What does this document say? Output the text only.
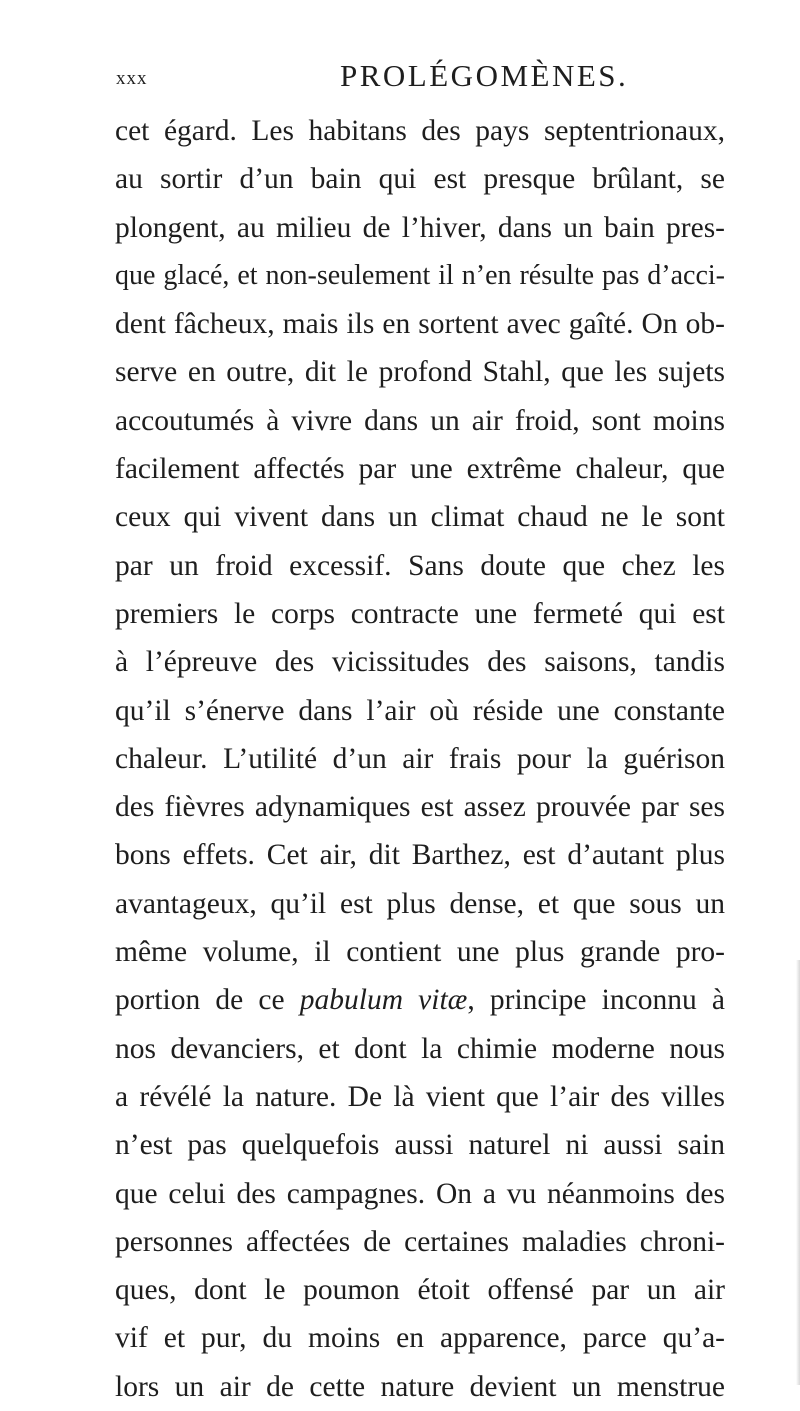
xxx	PROLÉGOMÈNES.
cet égard. Les habitans des pays septentrionaux,
au sortir d’un bain qui est presque brûlant, se
plongent, au milieu de l’hiver, dans un bain pres-
que glacé, et non-seulement il n’en résulte pas d’acci-
dent fâcheux, mais ils en sortent avec gaîté. On ob-
serve en outre, dit le profond Stahl, que les sujets
accoutumés à vivre dans un air froid, sont moins
facilement affectés par une extrême chaleur, que
ceux qui vivent dans un climat chaud ne le sont
par un froid excessif. Sans doute que chez les
premiers le corps contracte une fermeté qui est
à l’épreuve des vicissitudes des saisons, tandis
qu’il s’énerve dans l’air où réside une constante
chaleur. L’utilité d’un air frais pour la guérison
des fièvres adynamiques est assez prouvée par ses
bons effets. Cet air, dit Barthez, est d’autant plus
avantageux, qu’il est plus dense, et que sous un
même volume, il contient une plus grande pro-
portion de ce pabulum vitæ, principe inconnu à
nos devanciers, et dont la chimie moderne nous
a révélé la nature. De là vient que l’air des villes
n’est pas quelquefois aussi naturel ni aussi sain
que celui des campagnes. On a vu néanmoins des
personnes affectées de certaines maladies chroni-
ques, dont le poumon étoit offensé par un air
vif et pur, du moins en apparence, parce qu’a-
lors un air de cette nature devient un menstrue
